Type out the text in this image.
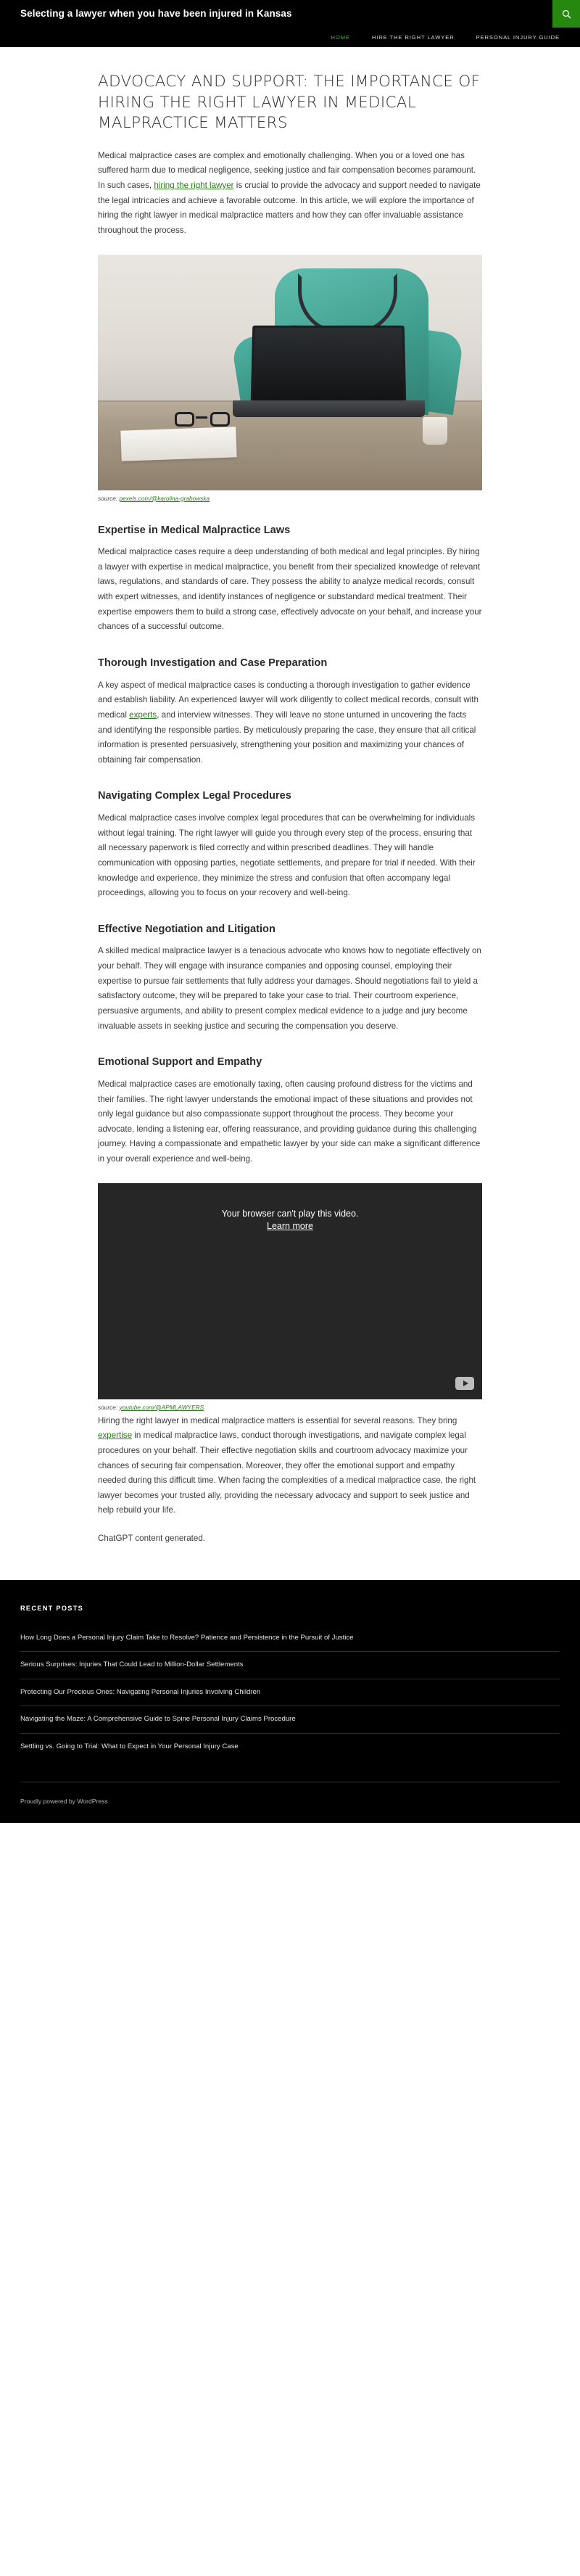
Selecting a lawyer when you have been injured in Kansas
HOME	HIRE THE RIGHT LAWYER	PERSONAL INJURY GUIDE
ADVOCACY AND SUPPORT: THE IMPORTANCE OF HIRING THE RIGHT LAWYER IN MEDICAL MALPRACTICE MATTERS

Medical malpractice cases are complex and emotionally challenging. When you or a loved one has suffered harm due to medical negligence, seeking justice and fair compensation becomes paramount. In such cases, hiring the right lawyer is crucial to provide the advocacy and support needed to navigate the legal intricacies and achieve a favorable outcome. In this article, we will explore the importance of hiring the right lawyer in medical malpractice matters and how they can offer invaluable assistance throughout the process.

source: pexels.com/@karolina-grabowska
Expertise in Medical Malpractice Laws

Medical malpractice cases require a deep understanding of both medical and legal principles. By hiring a lawyer with expertise in medical malpractice, you benefit from their specialized knowledge of relevant laws, regulations, and standards of care. They possess the ability to analyze medical records, consult with expert witnesses, and identify instances of negligence or substandard medical treatment. Their expertise empowers them to build a strong case, effectively advocate on your behalf, and increase your chances of a successful outcome.

Thorough Investigation and Case Preparation

A key aspect of medical malpractice cases is conducting a thorough investigation to gather evidence and establish liability. An experienced lawyer will work diligently to collect medical records, consult with medical experts, and interview witnesses. They will leave no stone unturned in uncovering the facts and identifying the responsible parties. By meticulously preparing the case, they ensure that all critical information is presented persuasively, strengthening your position and maximizing your chances of obtaining fair compensation.

Navigating Complex Legal Procedures

Medical malpractice cases involve complex legal procedures that can be overwhelming for individuals without legal training. The right lawyer will guide you through every step of the process, ensuring that all necessary paperwork is filed correctly and within prescribed deadlines. They will handle communication with opposing parties, negotiate settlements, and prepare for trial if needed. With their knowledge and experience, they minimize the stress and confusion that often accompany legal proceedings, allowing you to focus on your recovery and well-being.

Effective Negotiation and Litigation

A skilled medical malpractice lawyer is a tenacious advocate who knows how to negotiate effectively on your behalf. They will engage with insurance companies and opposing counsel, employing their expertise to pursue fair settlements that fully address your damages. Should negotiations fail to yield a satisfactory outcome, they will be prepared to take your case to trial. Their courtroom experience, persuasive arguments, and ability to present complex medical evidence to a judge and jury become invaluable assets in seeking justice and securing the compensation you deserve.

Emotional Support and Empathy

Medical malpractice cases are emotionally taxing, often causing profound distress for the victims and their families. The right lawyer understands the emotional impact of these situations and provides not only legal guidance but also compassionate support throughout the process. They become your advocate, lending a listening ear, offering reassurance, and providing guidance during this challenging journey. Having a compassionate and empathetic lawyer by your side can make a significant difference in your overall experience and well-being.

Your browser can't play this video.
Learn more
source: youtube.com/@APMLAWYERS

Hiring the right lawyer in medical malpractice matters is essential for several reasons. They bring expertise in medical malpractice laws, conduct thorough investigations, and navigate complex legal procedures on your behalf. Their effective negotiation skills and courtroom advocacy maximize your chances of securing fair compensation. Moreover, they offer the emotional support and empathy needed during this difficult time. When facing the complexities of a medical malpractice case, the right lawyer becomes your trusted ally, providing the necessary advocacy and support to seek justice and help rebuild your life.

ChatGPT content generated.

RECENT POSTS
How Long Does a Personal Injury Claim Take to Resolve? Patience and Persistence in the Pursuit of Justice
Serious Surprises: Injuries That Could Lead to Million-Dollar Settlements
Protecting Our Precious Ones: Navigating Personal Injuries Involving Children
Navigating the Maze: A Comprehensive Guide to Spine Personal Injury Claims Procedure
Settling vs. Going to Trial: What to Expect in Your Personal Injury Case
Proudly powered by WordPress
